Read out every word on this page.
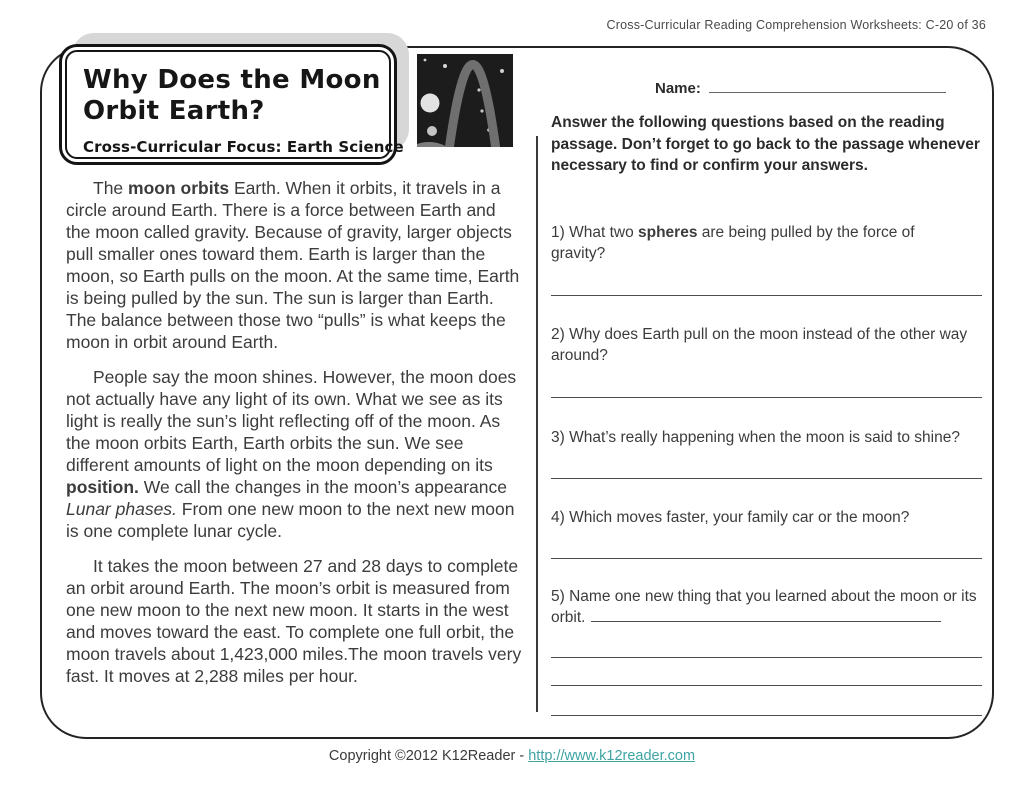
Cross-Curricular Reading Comprehension Worksheets: C-20 of 36
Why Does the Moon Orbit Earth?
Cross-Curricular Focus: Earth Science

The moon orbits Earth. When it orbits, it travels in a circle around Earth. There is a force between Earth and the moon called gravity. Because of gravity, larger objects pull smaller ones toward them. Earth is larger than the moon, so Earth pulls on the moon. At the same time, Earth is being pulled by the sun. The sun is larger than Earth. The balance between those two “pulls” is what keeps the moon in orbit around Earth.

People say the moon shines. However, the moon does not actually have any light of its own. What we see as its light is really the sun’s light reflecting off of the moon. As the moon orbits Earth, Earth orbits the sun. We see different amounts of light on the moon depending on its position. We call the changes in the moon’s appearance Lunar phases. From one new moon to the next new moon is one complete lunar cycle.

It takes the moon between 27 and 28 days to complete an orbit around Earth. The moon’s orbit is measured from one new moon to the next new moon. It starts in the west and moves toward the east. To complete one full orbit, the moon travels about 1,423,000 miles.The moon travels very fast. It moves at 2,288 miles per hour.

Name:
Answer the following questions based on the reading passage. Don’t forget to go back to the passage whenever necessary to find or confirm your answers.
1) What two spheres are being pulled by the force of gravity?
2) Why does Earth pull on the moon instead of the other way around?
3) What’s really happening when the moon is said to shine?
4) Which moves faster, your family car or the moon?
5) Name one new thing that you learned about the moon or its orbit.
Copyright ©2012 K12Reader - http://www.k12reader.com
